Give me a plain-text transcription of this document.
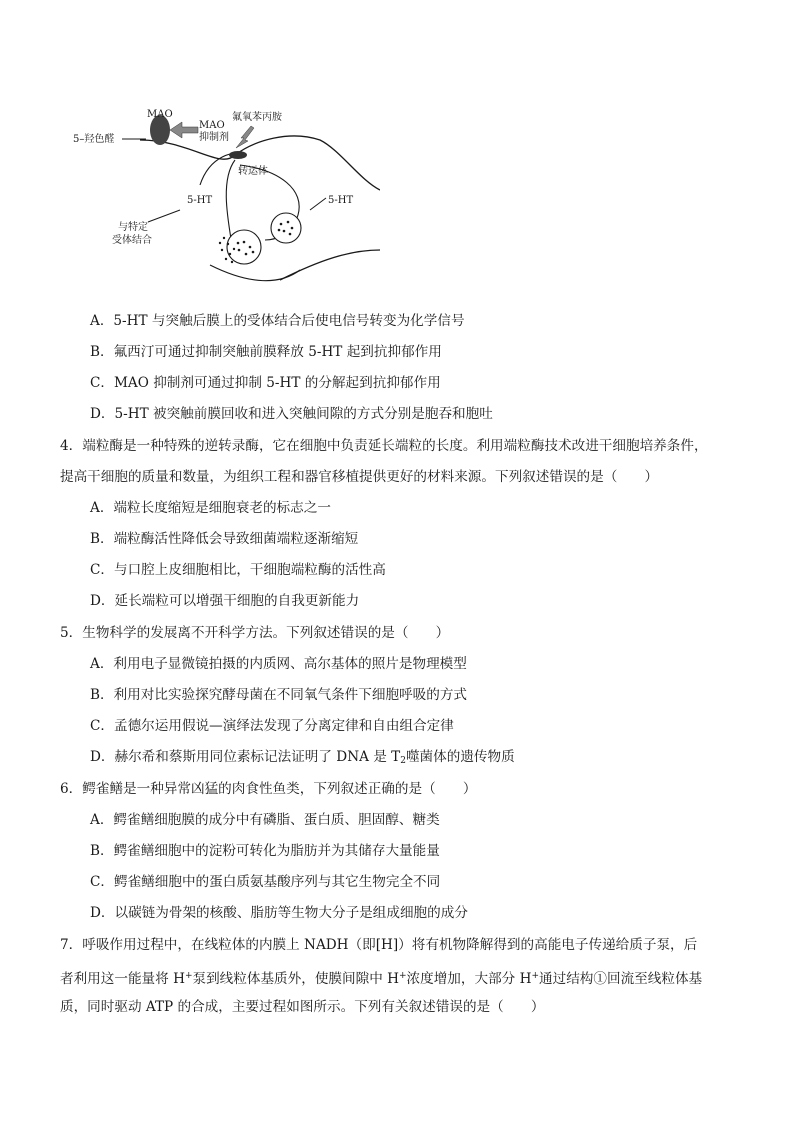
MAO
MAO
抑制剂
5–羟色醛
氟氧苯丙胺
转运体
5-HT	5-HT
与特定
受体结合
A．5-HT 与突触后膜上的受体结合后使电信号转变为化学信号
B．氟西汀可通过抑制突触前膜释放 5-HT 起到抗抑郁作用
C．MAO 抑制剂可通过抑制 5-HT 的分解起到抗抑郁作用
D．5-HT 被突触前膜回收和进入突触间隙的方式分别是胞吞和胞吐
4．端粒酶是一种特殊的逆转录酶，它在细胞中负责延长端粒的长度。利用端粒酶技术改进干细胞培养条件，
提高干细胞的质量和数量，为组织工程和器官移植提供更好的材料来源。下列叙述错误的是（　　）
A．端粒长度缩短是细胞衰老的标志之一
B．端粒酶活性降低会导致细菌端粒逐渐缩短
C．与口腔上皮细胞相比，干细胞端粒酶的活性高
D．延长端粒可以增强干细胞的自我更新能力
5．生物科学的发展离不开科学方法。下列叙述错误的是（　　）
A．利用电子显微镜拍摄的内质网、高尔基体的照片是物理模型
B．利用对比实验探究酵母菌在不同氧气条件下细胞呼吸的方式
C．孟德尔运用假说—演绎法发现了分离定律和自由组合定律
D．赫尔希和蔡斯用同位素标记法证明了 DNA 是 $T_2$噬菌体的遗传物质
6．鳄雀鳝是一种异常凶猛的肉食性鱼类，下列叙述正确的是（　　）
A．鳄雀鳝细胞膜的成分中有磷脂、蛋白质、胆固醇、糖类
B．鳄雀鳝细胞中的淀粉可转化为脂肪并为其储存大量能量
C．鳄雀鳝细胞中的蛋白质氨基酸序列与其它生物完全不同
D．以碳链为骨架的核酸、脂肪等生物大分子是组成细胞的成分
7．呼吸作用过程中，在线粒体的内膜上 NADH（即[H]）将有机物降解得到的高能电子传递给质子泵，后
者利用这一能量将 H+泵到线粒体基质外，使膜间隙中 H+浓度增加，大部分 H+通过结构①回流至线粒体基
质，同时驱动 ATP 的合成，主要过程如图所示。下列有关叙述错误的是（　　）
